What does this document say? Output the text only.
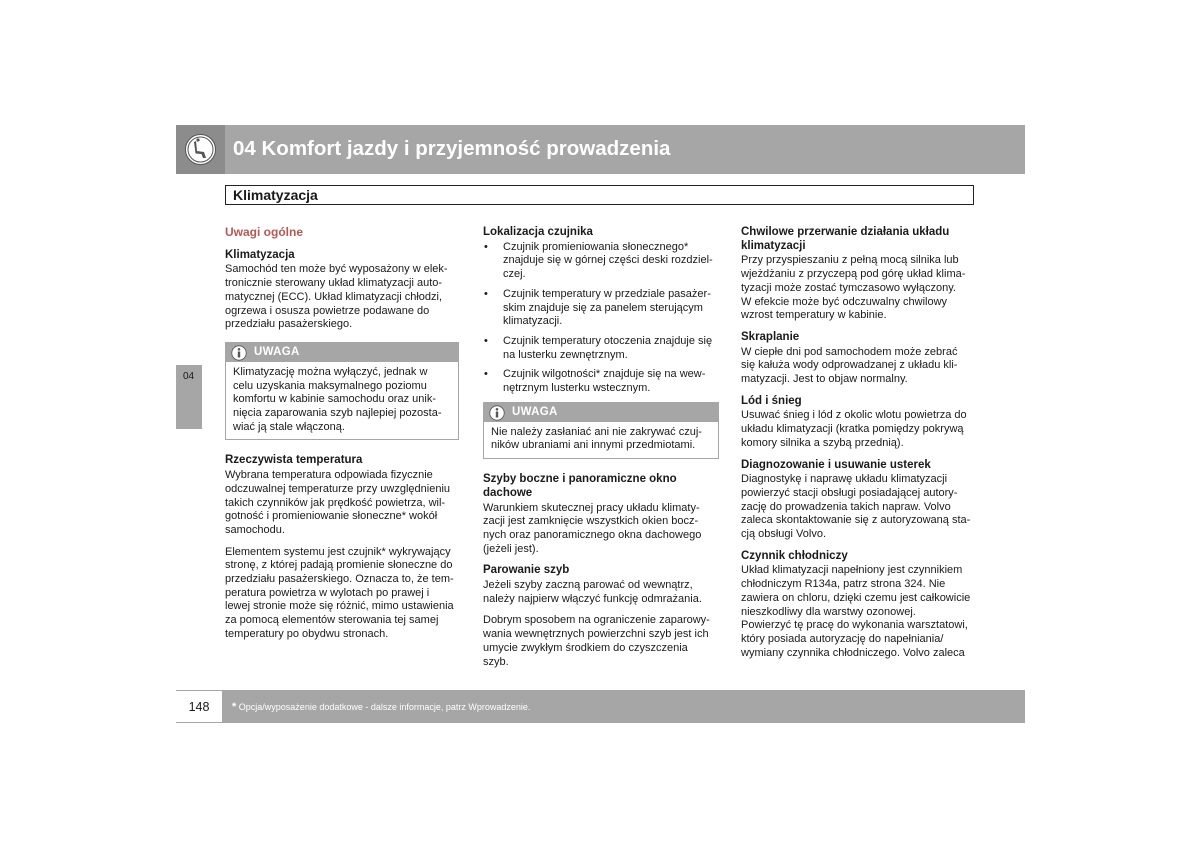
04 Komfort jazdy i przyjemność prowadzenia
Klimatyzacja
04
Uwagi ogólne
Klimatyzacja

Samochód ten może być wyposażony w elek-
tronicznie sterowany układ klimatyzacji auto-
matycznej (ECC). Układ klimatyzacji chłodzi,
ogrzewa i osusza powietrze podawane do
przedziału pasażerskiego.

UWAGA
Klimatyzację można wyłączyć, jednak w
celu uzyskania maksymalnego poziomu
komfortu w kabinie samochodu oraz unik-
nięcia zaparowania szyb najlepiej pozosta-
wiać ją stale włączoną.
Rzeczywista temperatura

Wybrana temperatura odpowiada fizycznie
odczuwalnej temperaturze przy uwzględnieniu
takich czynników jak prędkość powietrza, wil-
gotność i promieniowanie słoneczne* wokół
samochodu.

Elementem systemu jest czujnik* wykrywający
stronę, z której padają promienie słoneczne do
przedziału pasażerskiego. Oznacza to, że tem-
peratura powietrza w wylotach po prawej i
lewej stronie może się różnić, mimo ustawienia
za pomocą elementów sterowania tej samej
temperatury po obydwu stronach.

Lokalizacja czujnika
• Czujnik promieniowania słonecznego*
znajduje się w górnej części deski rozdziel-
czej.
• Czujnik temperatury w przedziale pasażer-
skim znajduje się za panelem sterującym
klimatyzacji.
• Czujnik temperatury otoczenia znajduje się
na lusterku zewnętrznym.
• Czujnik wilgotności* znajduje się na wew-
nętrznym lusterku wstecznym.
UWAGA
Nie należy zasłaniać ani nie zakrywać czuj-
ników ubraniami ani innymi przedmiotami.
Szyby boczne i panoramiczne okno
dachowe

Warunkiem skutecznej pracy układu klimaty-
zacji jest zamknięcie wszystkich okien bocz-
nych oraz panoramicznego okna dachowego
(jeżeli jest).

Parowanie szyb

Jeżeli szyby zaczną parować od wewnątrz,
należy najpierw włączyć funkcję odmrażania.

Dobrym sposobem na ograniczenie zaparowy-
wania wewnętrznych powierzchni szyb jest ich
umycie zwykłym środkiem do czyszczenia
szyb.

Chwilowe przerwanie działania układu
klimatyzacji

Przy przyspieszaniu z pełną mocą silnika lub
wjeżdżaniu z przyczepą pod górę układ klima-
tyzacji może zostać tymczasowo wyłączony.
W efekcie może być odczuwalny chwilowy
wzrost temperatury w kabinie.

Skraplanie

W ciepłe dni pod samochodem może zebrać
się kałuża wody odprowadzanej z układu kli-
matyzacji. Jest to objaw normalny.

Lód i śnieg

Usuwać śnieg i lód z okolic wlotu powietrza do
układu klimatyzacji (kratka pomiędzy pokrywą
komory silnika a szybą przednią).

Diagnozowanie i usuwanie usterek

Diagnostykę i naprawę układu klimatyzacji
powierzyć stacji obsługi posiadającej autory-
zację do prowadzenia takich napraw. Volvo
zaleca skontaktowanie się z autoryzowaną sta-
cją obsługi Volvo.

Czynnik chłodniczy

Układ klimatyzacji napełniony jest czynnikiem
chłodniczym R134a, patrz strona 324. Nie
zawiera on chloru, dzięki czemu jest całkowicie
nieszkodliwy dla warstwy ozonowej.
Powierzyć tę pracę do wykonania warsztatowi,
który posiada autoryzację do napełniania/
wymiany czynnika chłodniczego. Volvo zaleca

148	* Opcja/wyposażenie dodatkowe - dalsze informacje, patrz Wprowadzenie.
